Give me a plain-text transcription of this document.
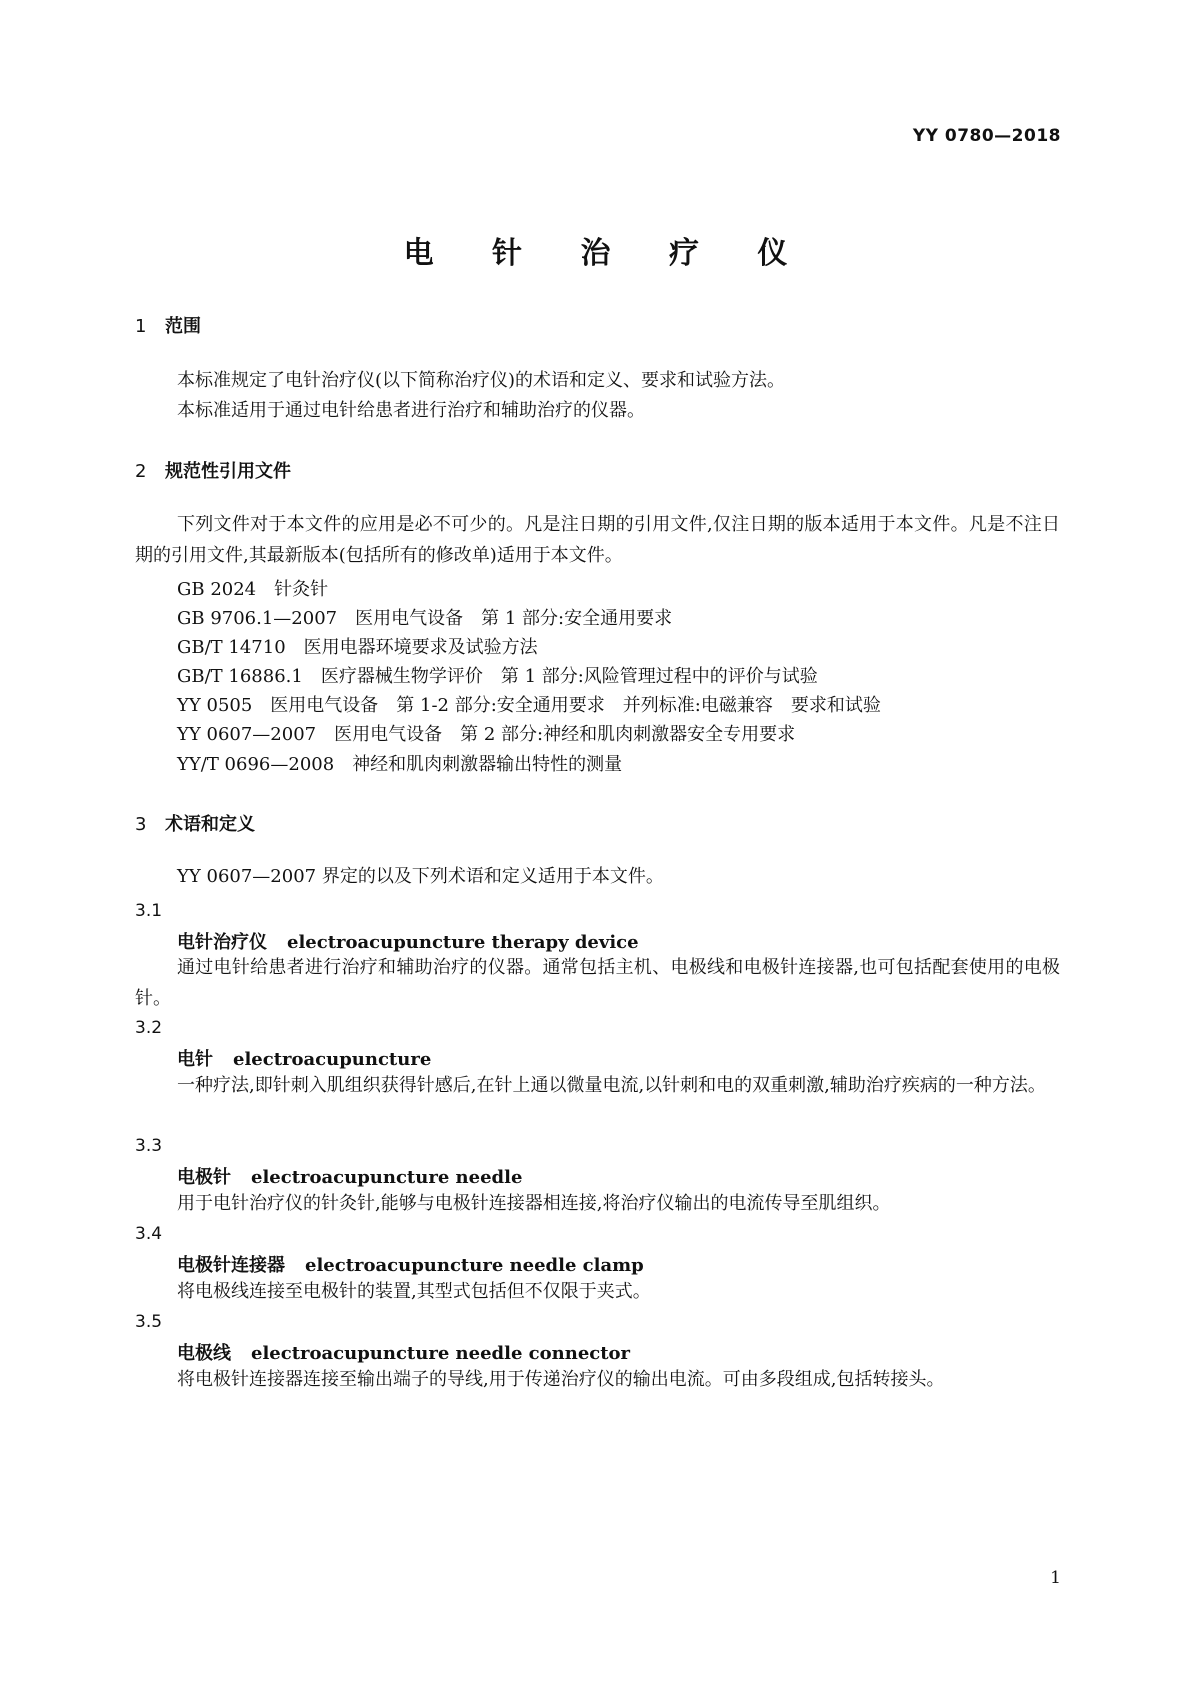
YY 0780—2018
电 针 治 疗 仪
1 范围
本标准规定了电针治疗仪(以下简称治疗仪)的术语和定义、要求和试验方法。
本标准适用于通过电针给患者进行治疗和辅助治疗的仪器。
2 规范性引用文件
下列文件对于本文件的应用是必不可少的。凡是注日期的引用文件,仅注日期的版本适用于本文件。凡是不注日期的引用文件,其最新版本(包括所有的修改单)适用于本文件。
GB 2024 针灸针
GB 9706.1—2007 医用电气设备　第 1 部分:安全通用要求
GB/T 14710 医用电器环境要求及试验方法
GB/T 16886.1 医疗器械生物学评价　第 1 部分:风险管理过程中的评价与试验
YY 0505 医用电气设备　第 1-2 部分:安全通用要求　并列标准:电磁兼容　要求和试验
YY 0607—2007 医用电气设备　第 2 部分:神经和肌肉刺激器安全专用要求
YY/T 0696—2008 神经和肌肉刺激器输出特性的测量
3 术语和定义
YY 0607—2007 界定的以及下列术语和定义适用于本文件。
3.1
电针治疗仪 electroacupuncture therapy device
通过电针给患者进行治疗和辅助治疗的仪器。通常包括主机、电极线和电极针连接器,也可包括配套使用的电极针。
3.2
电针 electroacupuncture
一种疗法,即针刺入肌组织获得针感后,在针上通以微量电流,以针刺和电的双重刺激,辅助治疗疾病的一种方法。
3.3
电极针 electroacupuncture needle
用于电针治疗仪的针灸针,能够与电极针连接器相连接,将治疗仪输出的电流传导至肌组织。
3.4
电极针连接器 electroacupuncture needle clamp
将电极线连接至电极针的装置,其型式包括但不仅限于夹式。
3.5
电极线 electroacupuncture needle connector
将电极针连接器连接至输出端子的导线,用于传递治疗仪的输出电流。可由多段组成,包括转接头。
1
